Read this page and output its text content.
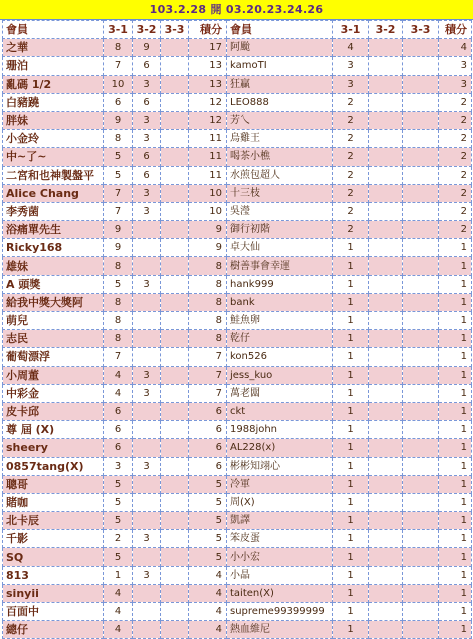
103.2.28 開 03.20.23.24.26
會員	3-1	3-2	3-3	積分	會員	3-1	3-2	3-3	積分
之華	8	9		17	阿颱	4			4
珊泊	7	6		13	kamoTI	3			3
亂碼 1/2	10	3		13	狂贏	3			3
白豬蹺	6	6		12	LEO888	2			2
胖妹	9	3		12	芳乀	2			2
小金玲	8	3		11	烏雞王	2			2
中~了~	5	6		11	喝茶小樵	2			2
二宮和也神製盤平	5	6		11	水煎包超人	2			2
Alice Chang	7	3		10	十三枝	2			2
李秀菌	7	3		10	吳瀅	2			2
浴痛單先生	9			9	御行初階	2			2
Ricky168	9			9	卓大仙	1			1
雄妹	8			8	樹善事會幸運	1			1
A 頭獎	5	3		8	hank999	1			1
給我中獎大獎阿	8			8	bank	1			1
萌兒	8			8	鮭魚卵	1			1
志民	8			8	乾仔	1			1
葡萄漂浮	7			7	kon526	1			1
小周董	4	3		7	jess_kuo	1			1
中彩金	4	3		7	萬老闆	1			1
皮卡邱	6			6	ckt	1			1
尊 屆 (X)	6			6	1988john	1			1
sheery	6			6	AL228(x)	1			1
0857tang(X)	3	3		6	彬彬知翊心	1			1
聰哥	5			5	冷軍	1			1
賭咖	5			5	周(X)	1			1
北卡辰	5			5	凱譯	1			1
千影	2	3		5	笨皮蛋	1			1
SQ	5			5	小小宏	1			1
813	1	3		4	小晶	1			1
sinyii	4			4	taiten(X)	1			1
百面中	4			4	supreme99399999	1			1
總仔	4			4	熱血維尼	1			1
